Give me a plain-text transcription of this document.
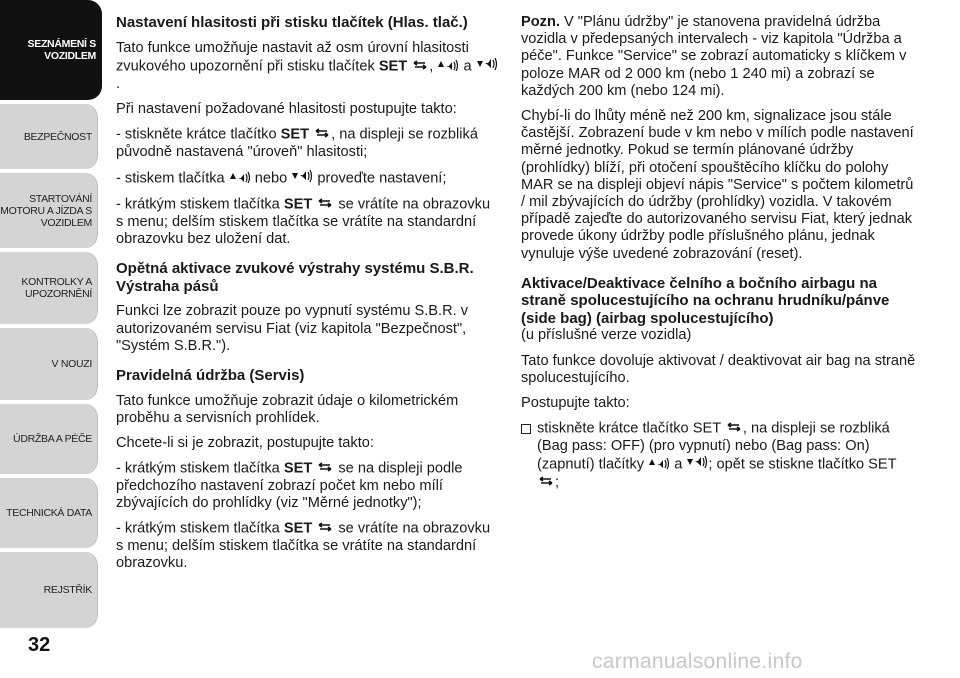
SEZNÁMENÍ S
VOZIDLEM
BEZPEČNOST
STARTOVÁNÍ
MOTORU A JÍZDA S
VOZIDLEM
KONTROLKY A
UPOZORNĚNÍ
V NOUZI
ÚDRŽBA A PÉČE
TECHNICKÁ DATA
REJSTŘÍK
32
Nastavení hlasitosti při stisku tlačítek (Hlas. tlač.)

Tato funkce umožňuje nastavit až osm úrovní hlasitosti zvukového upozornění při stisku tlačítek SET , a .

Při nastavení požadované hlasitosti postupujte takto:

- stiskněte krátce tlačítko SET , na displeji se rozbliká původně nastavená "úroveň" hlasitosti;

- stiskem tlačítka  nebo proveďte nastavení;

- krátkým stiskem tlačítka SET  se vrátíte na obrazovku s menu; delším stiskem tlačítka se vrátíte na standardní obrazovku bez uložení dat.

Opětná aktivace zvukové výstrahy systému S.B.R. Výstraha pásů

Funkci lze zobrazit pouze po vypnutí systému S.B.R. v autorizovaném servisu Fiat (viz kapitola "Bezpečnost", "Systém S.B.R.").

Pravidelná údržba (Servis)

Tato funkce umožňuje zobrazit údaje o kilometrickém proběhu a servisních prohlídek.

Chcete-li si je zobrazit, postupujte takto:

- krátkým stiskem tlačítka SET  se na displeji podle předchozího nastavení zobrazí počet km nebo mílí zbývajících do prohlídky (viz "Měrné jednotky");

- krátkým stiskem tlačítka SET  se vrátíte na obrazovku s menu; delším stiskem tlačítka se vrátíte na standardní obrazovku.

Pozn. V "Plánu údržby" je stanovena pravidelná údržba vozidla v předepsaných intervalech - viz kapitola "Údržba a péče". Funkce "Service" se zobrazí automaticky s klíčkem v poloze MAR od 2 000 km (nebo 1 240 mi) a zobrazí se každých 200 km (nebo 124 mi).

Chybí-li do lhůty méně než 200 km, signalizace jsou stále častější. Zobrazení bude v km nebo v mílích podle nastavení měrné jednotky. Pokud se termín plánované údržby (prohlídky) blíží, při otočení spouštěcího klíčku do polohy MAR se na displeji objeví nápis "Service" s počtem kilometrů / mil zbývajících do údržby (prohlídky) vozidla. V takovém případě zajeďte do autorizovaného servisu Fiat, který jednak provede úkony údržby podle příslušného plánu, jednak vynuluje výše uvedené zobrazování (reset).

Aktivace/Deaktivace čelního a bočního airbagu na straně spolucestujícího na ochranu hrudníku/pánve (side bag) (airbag spolucestujícího)

(u příslušné verze vozidla)

Tato funkce dovoluje aktivovat / deaktivovat air bag na straně spolucestujícího.

Postupujte takto:

stiskněte krátce tlačítko SET , na displeji se rozbliká (Bag pass: OFF) (pro vypnutí) nebo (Bag pass: On) (zapnutí) tlačítky  a ; opět se stiskne tlačítko SET ;
carmanualsonline.info
